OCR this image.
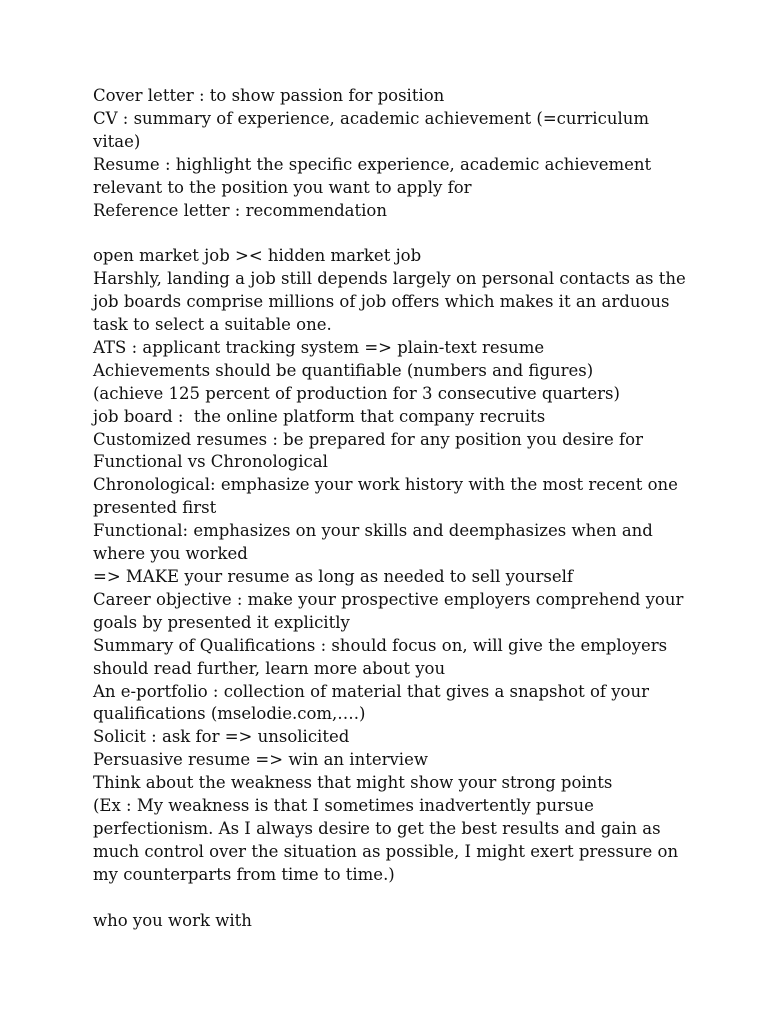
Cover letter : to show passion for position
CV : summary of experience, academic achievement (=curriculum
vitae)
Resume : highlight the specific experience, academic achievement
relevant to the position you want to apply for
Reference letter : recommendation
open market job >< hidden market job
Harshly, landing a job still depends largely on personal contacts as the
job boards comprise millions of job offers which makes it an arduous
task to select a suitable one.
ATS : applicant tracking system => plain-text resume
Achievements should be quantifiable (numbers and figures)
(achieve 125 percent of production for 3 consecutive quarters)
job board :  the online platform that company recruits
Customized resumes : be prepared for any position you desire for
Functional vs Chronological
Chronological: emphasize your work history with the most recent one
presented first
Functional: emphasizes on your skills and deemphasizes when and
where you worked
=> MAKE your resume as long as needed to sell yourself
Career objective : make your prospective employers comprehend your
goals by presented it explicitly
Summary of Qualifications : should focus on, will give the employers
should read further, learn more about you
An e-portfolio : collection of material that gives a snapshot of your
qualifications (mselodie.com,….)
Solicit : ask for => unsolicited
Persuasive resume => win an interview
Think about the weakness that might show your strong points
(Ex : My weakness is that I sometimes inadvertently pursue
perfectionism. As I always desire to get the best results and gain as
much control over the situation as possible, I might exert pressure on
my counterparts from time to time.)
who you work with
